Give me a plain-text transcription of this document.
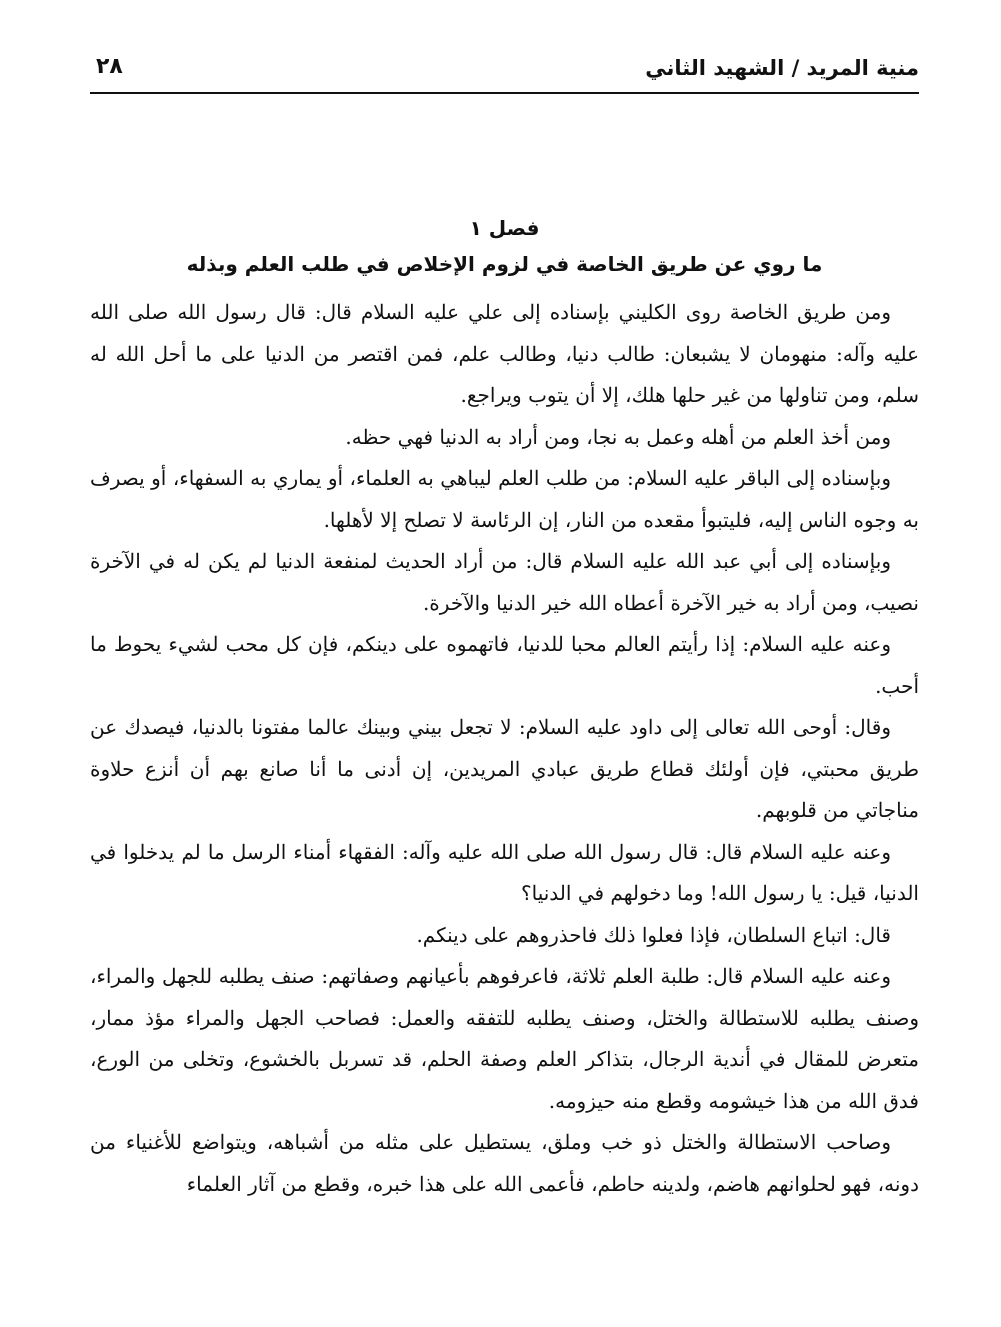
منية المريد / الشهيد الثاني
٢٨
فصل ١
ما روي عن طريق الخاصة في لزوم الإخلاص في طلب العلم وبذله

ومن طريق الخاصة روى الكليني بإسناده إلى علي عليه السلام قال: قال رسول الله صلى الله عليه وآله: منهومان لا يشبعان: طالب دنيا، وطالب علم، فمن اقتصر من الدنيا على ما أحل الله له سلم، ومن تناولها من غير حلها هلك، إلا أن يتوب ويراجع.

ومن أخذ العلم من أهله وعمل به نجا، ومن أراد به الدنيا فهي حظه.

وبإسناده إلى الباقر عليه السلام: من طلب العلم ليباهي به العلماء، أو يماري به السفهاء، أو يصرف به وجوه الناس إليه، فليتبوأ مقعده من النار، إن الرئاسة لا تصلح إلا لأهلها.

وبإسناده إلى أبي عبد الله عليه السلام قال: من أراد الحديث لمنفعة الدنيا لم يكن له في الآخرة نصيب، ومن أراد به خير الآخرة أعطاه الله خير الدنيا والآخرة.

وعنه عليه السلام: إذا رأيتم العالم محبا للدنيا، فاتهموه على دينكم، فإن كل محب لشيء يحوط ما أحب.

وقال: أوحى الله تعالى إلى داود عليه السلام: لا تجعل بيني وبينك عالما مفتونا بالدنيا، فيصدك عن طريق محبتي، فإن أولئك قطاع طريق عبادي المريدين، إن أدنى ما أنا صانع بهم أن أنزع حلاوة مناجاتي من قلوبهم.

وعنه عليه السلام قال: قال رسول الله صلى الله عليه وآله: الفقهاء أمناء الرسل ما لم يدخلوا في الدنيا، قيل: يا رسول الله! وما دخولهم في الدنيا؟

قال: اتباع السلطان، فإذا فعلوا ذلك فاحذروهم على دينكم.

وعنه عليه السلام قال: طلبة العلم ثلاثة، فاعرفوهم بأعيانهم وصفاتهم: صنف يطلبه للجهل والمراء، وصنف يطلبه للاستطالة والختل، وصنف يطلبه للتفقه والعمل: فصاحب الجهل والمراء مؤذ ممار، متعرض للمقال في أندية الرجال، بتذاكر العلم وصفة الحلم، قد تسربل بالخشوع، وتخلى من الورع، فدق الله من هذا خيشومه وقطع منه حيزومه.

وصاحب الاستطالة والختل ذو خب وملق، يستطيل على مثله من أشباهه، ويتواضع للأغنياء من دونه، فهو لحلوانهم هاضم، ولدينه حاطم، فأعمى الله على هذا خبره، وقطع من آثار العلماء
